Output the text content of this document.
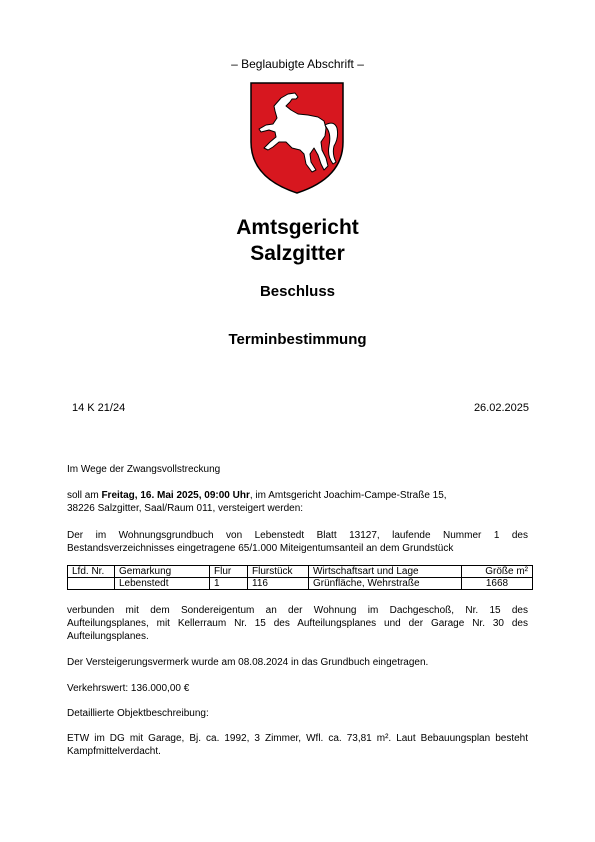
– Beglaubigte Abschrift –
Amtsgericht
Salzgitter
Beschluss
Terminbestimmung
14 K 21/24	26.02.2025
Im Wege der Zwangsvollstreckung
soll am Freitag, 16. Mai 2025, 09:00 Uhr, im Amtsgericht Joachim-Campe-Straße 15,
38226 Salzgitter, Saal/Raum 011, versteigert werden:
Der im Wohnungsgrundbuch von Lebenstedt Blatt 13127, laufende Nummer 1 des
Bestandsverzeichnisses eingetragene 65/1.000 Miteigentumsanteil an dem Grundstück
Lfd. Nr.	Gemarkung	Flur	Flurstück	Wirtschaftsart und Lage	Größe m²
	Lebenstedt	1	116	Grünfläche, Wehrstraße	1668
verbunden mit dem Sondereigentum an der Wohnung im Dachgeschoß, Nr. 15 des
Aufteilungsplanes, mit Kellerraum Nr. 15 des Aufteilungsplanes und der Garage Nr. 30 des
Aufteilungsplanes.
Der Versteigerungsvermerk wurde am 08.08.2024 in das Grundbuch eingetragen.
Verkehrswert: 136.000,00 €
Detaillierte Objektbeschreibung:
ETW im DG mit Garage, Bj. ca. 1992, 3 Zimmer, Wfl. ca. 73,81 m². Laut Bebauungsplan besteht
Kampfmittelverdacht.
